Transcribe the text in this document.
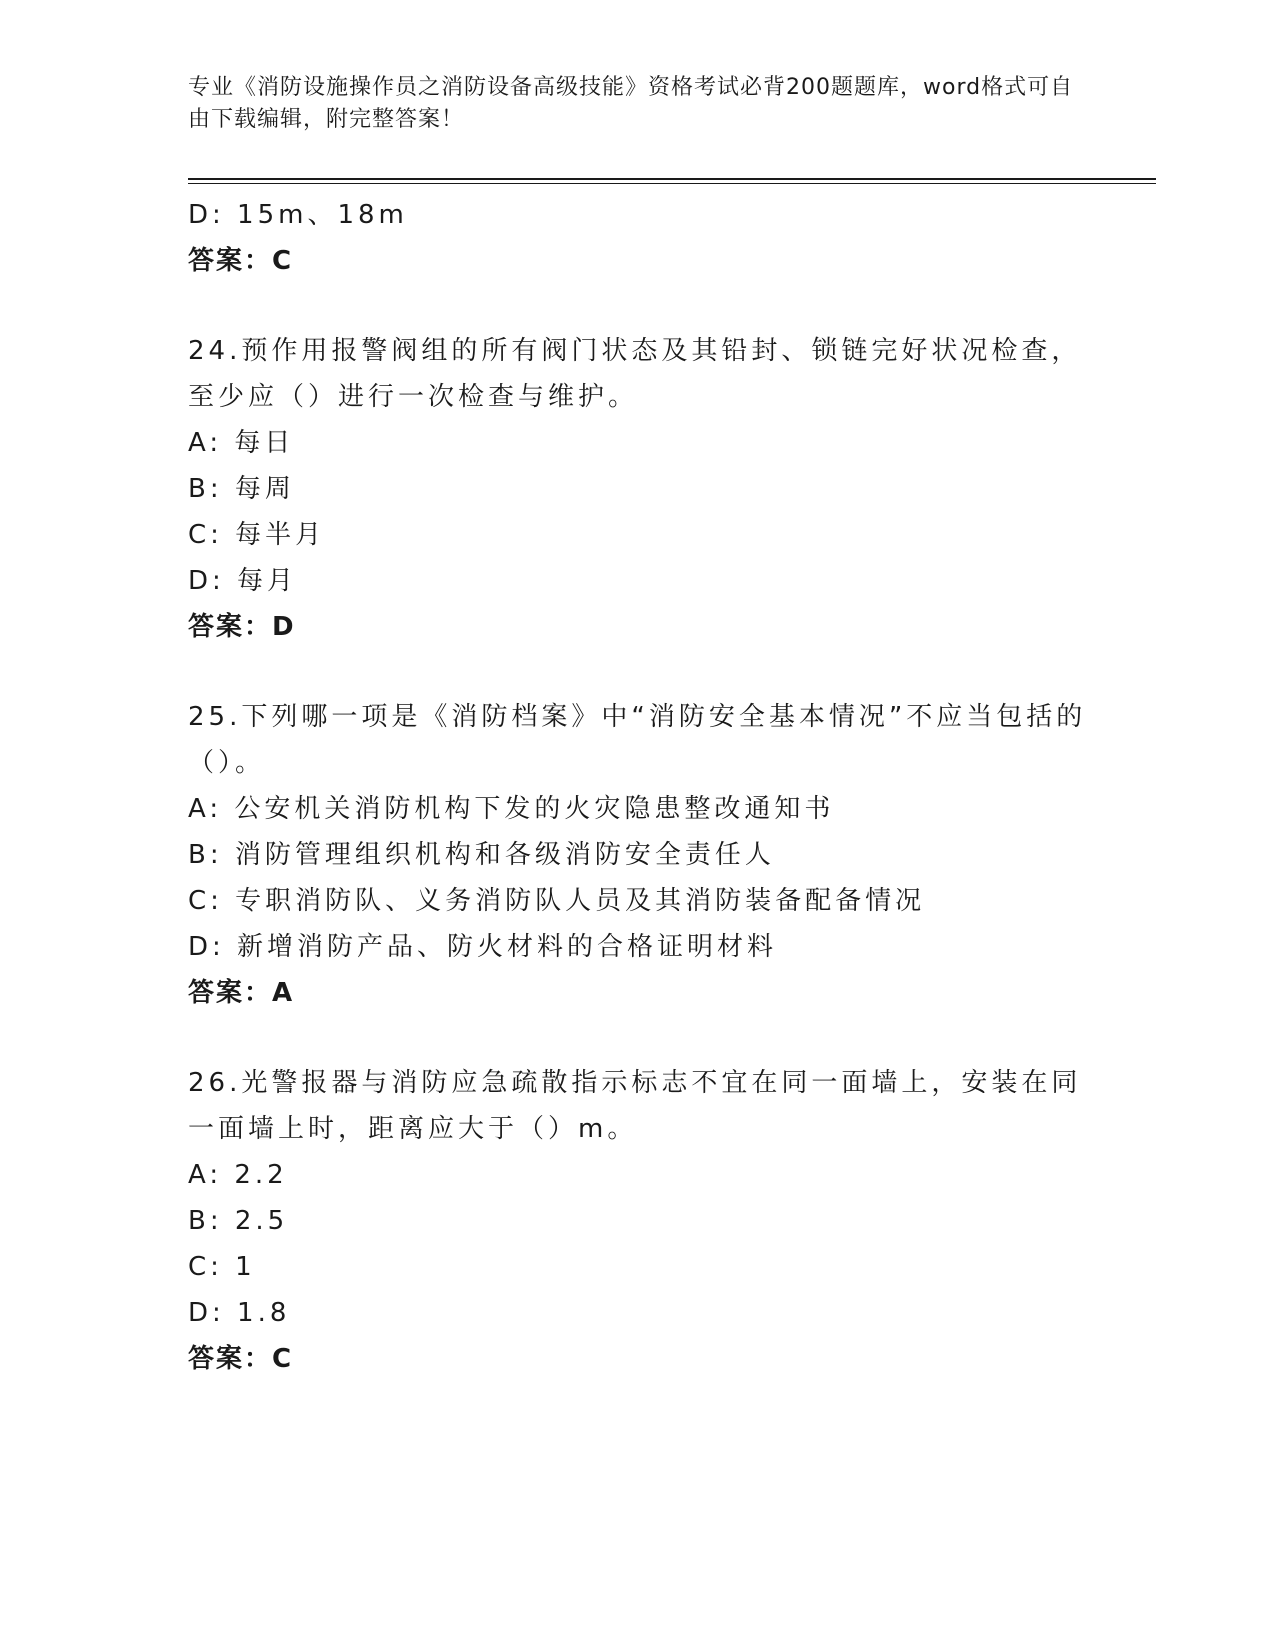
专业《消防设施操作员之消防设备高级技能》资格考试必背200题题库，word格式可自由下载编辑，附完整答案！
D: 15m、18m
答案：C
24.预作用报警阀组的所有阀门状态及其铅封、锁链完好状况检查，至少应（）进行一次检查与维护。
A: 每日
B: 每周
C: 每半月
D: 每月
答案：D
25.下列哪一项是《消防档案》中“消防安全基本情况”不应当包括的（）。
A: 公安机关消防机构下发的火灾隐患整改通知书
B: 消防管理组织机构和各级消防安全责任人
C: 专职消防队、义务消防队人员及其消防装备配备情况
D: 新增消防产品、防火材料的合格证明材料
答案：A
26.光警报器与消防应急疏散指示标志不宜在同一面墙上，安装在同一面墙上时，距离应大于（）m。
A: 2.2
B: 2.5
C: 1
D: 1.8
答案：C
